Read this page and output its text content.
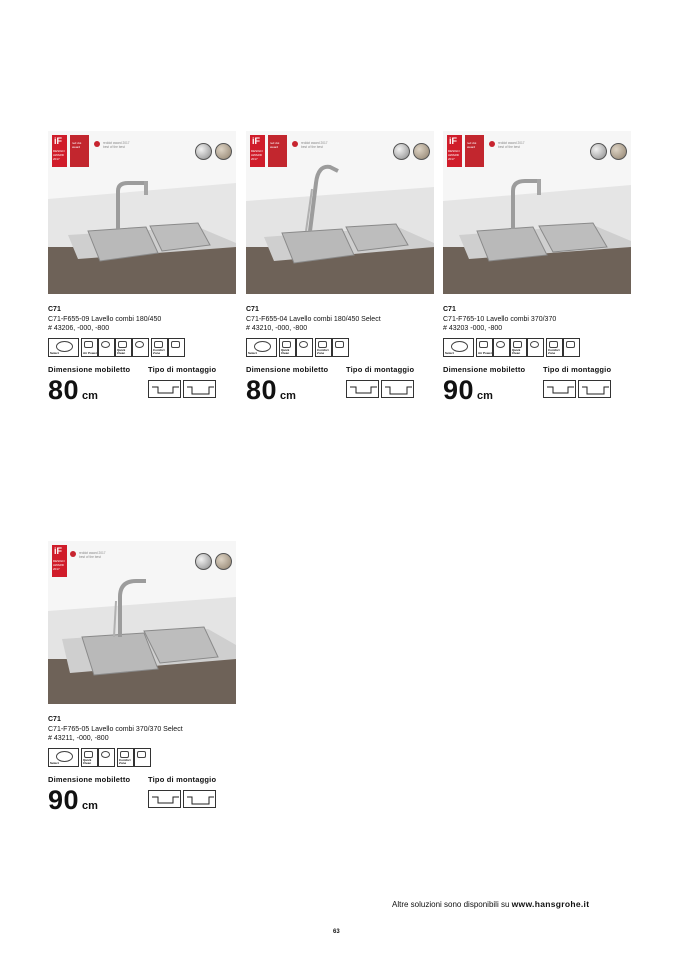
iF
DESIGN AWARD 2017
red dot award
reddot award 2017
best of the best
C71
C71-F655-09 Lavello combi 180/450
# 43206, -000, -800
Select	Air Power
Quick Clean
Comfort Zone
Dimensione mobiletto Tipo di montaggio
80 cm
iF
DESIGN AWARD 2017
red dot award
reddot award 2017
best of the best
C71
C71-F655-04 Lavello combi 180/450 Select
# 43210, -000, -800
Select
Quick Clean
Comfort Zone
Dimensione mobiletto Tipo di montaggio
80 cm
iF
DESIGN AWARD 2017
red dot award
reddot award 2017
best of the best
C71
C71-F765-10 Lavello combi 370/370
# 43203 -000, -800
Select	Air Power
Quick Clean
Comfort Zone
Dimensione mobiletto Tipo di montaggio
90 cm
iF
DESIGN AWARD 2017
reddot award 2017
best of the best
C71
C71-F765-05 Lavello combi 370/370 Select
# 43211, -000, -800
Select
Quick Clean
Comfort Zone
Dimensione mobiletto Tipo di montaggio
90 cm
Altre soluzioni sono disponibili su www.hansgrohe.it
63
